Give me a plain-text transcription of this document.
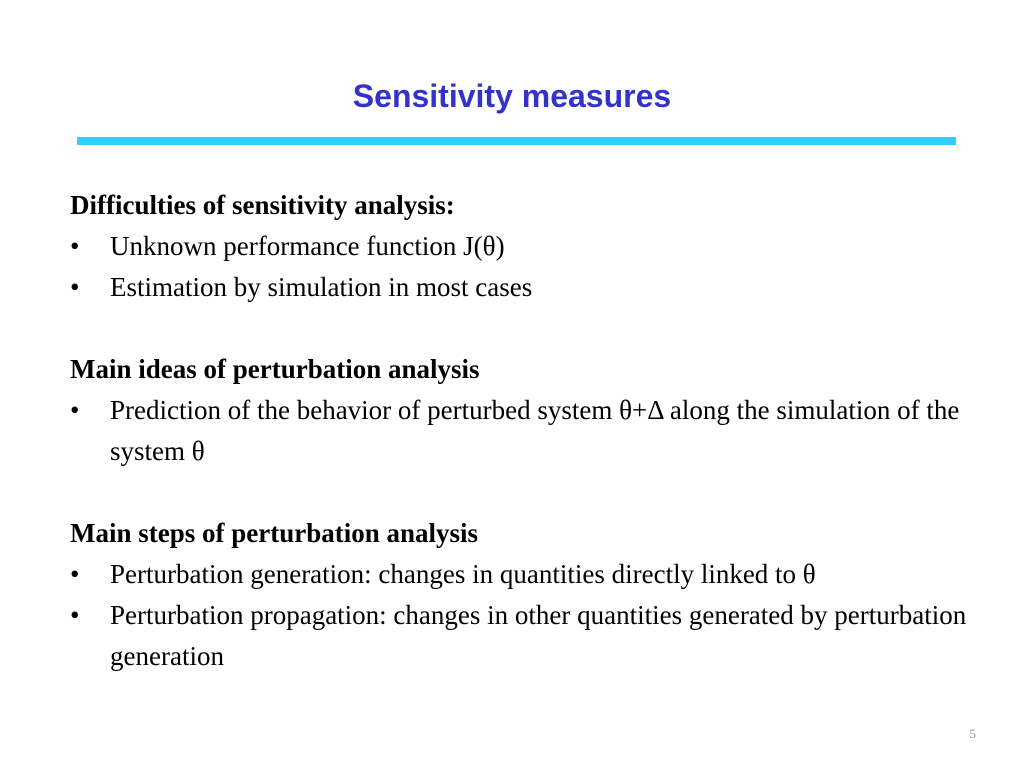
Sensitivity measures

Difficulties of sensitivity analysis:

• Unknown performance function J(θ)
• Estimation by simulation in most cases

Main ideas of perturbation analysis

• Prediction of the behavior of perturbed system θ+Δ along the simulation of the system θ

Main steps of perturbation analysis

• Perturbation generation: changes in quantities directly linked to θ
• Perturbation propagation: changes in other quantities generated by perturbation generation
5
